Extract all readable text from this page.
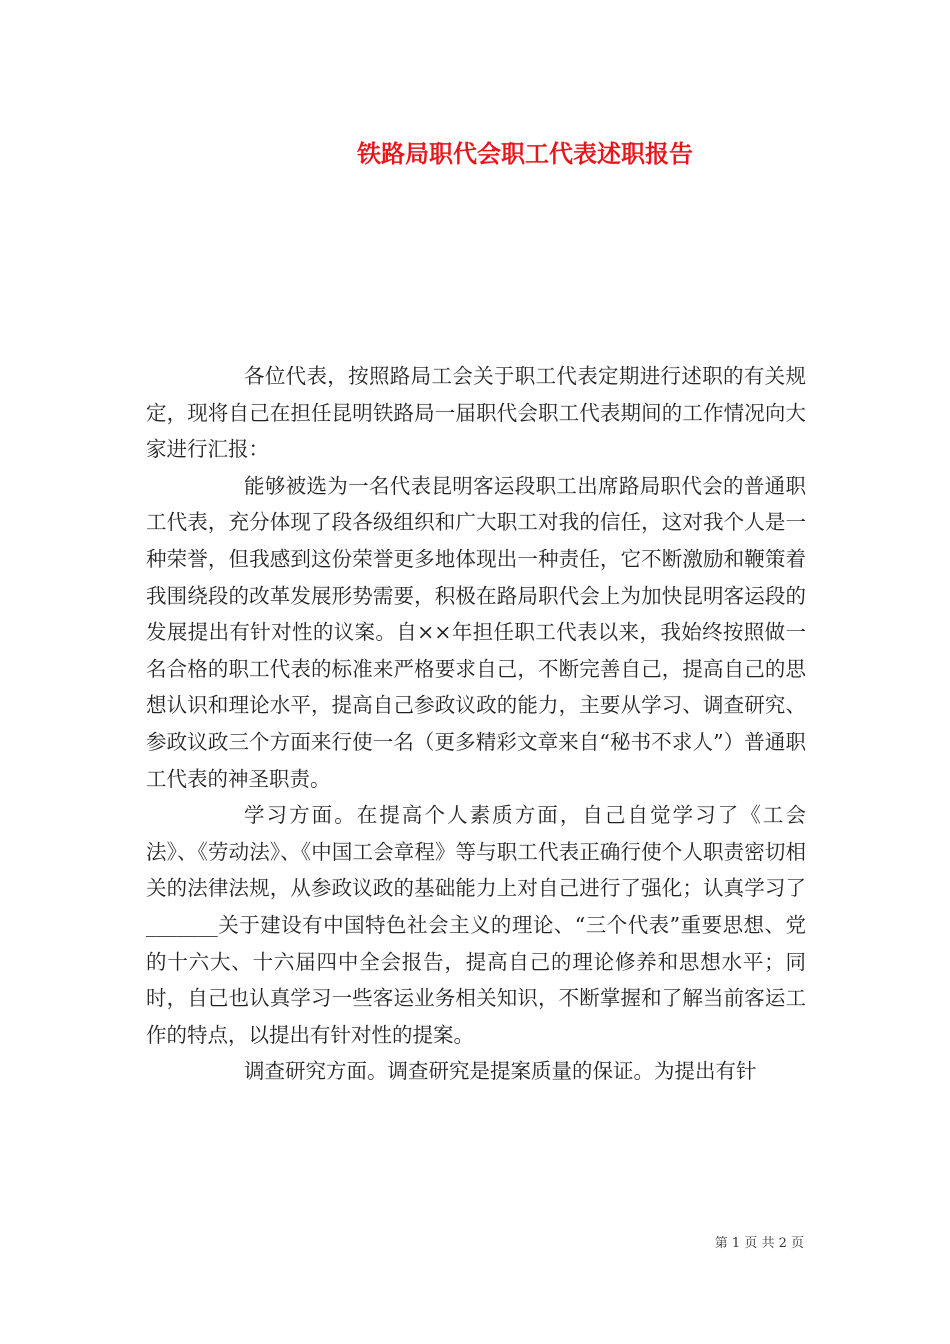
铁路局职代会职工代表述职报告

各位代表，按照路局工会关于职工代表定期进行述职的有关规定，现将自己在担任昆明铁路局一届职代会职工代表期间的工作情况向大家进行汇报：

能够被选为一名代表昆明客运段职工出席路局职代会的普通职工代表，充分体现了段各级组织和广大职工对我的信任，这对我个人是一种荣誉，但我感到这份荣誉更多地体现出一种责任，它不断激励和鞭策着我围绕段的改革发展形势需要，积极在路局职代会上为加快昆明客运段的发展提出有针对性的议案。自××年担任职工代表以来，我始终按照做一名合格的职工代表的标准来严格要求自己，不断完善自己，提高自己的思想认识和理论水平，提高自己参政议政的能力，主要从学习、调查研究、参政议政三个方面来行使一名（更多精彩文章来自“秘书不求人”）普通职工代表的神圣职责。

学习方面。在提高个人素质方面，自己自觉学习了《工会法》、《劳动法》、《中国工会章程》等与职工代表正确行使个人职责密切相关的法律法规，从参政议政的基础能力上对自己进行了强化；认真学习了_______关于建设有中国特色社会主义的理论、“三个代表”重要思想、党的十六大、十六届四中全会报告，提高自己的理论修养和思想水平；同时，自己也认真学习一些客运业务相关知识，不断掌握和了解当前客运工作的特点，以提出有针对性的提案。

调查研究方面。调查研究是提案质量的保证。为提出有针

第 1 页 共 2 页
